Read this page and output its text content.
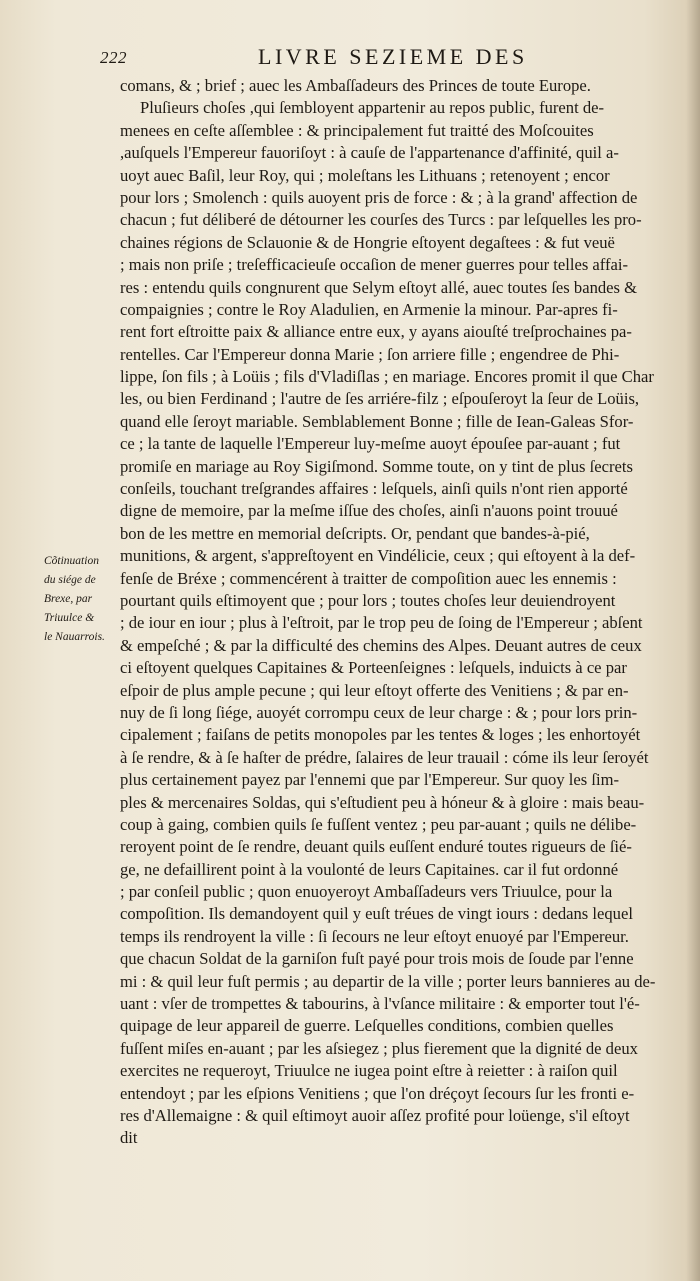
222	LIVRE SEZIEME DES
Cõtinuation
du siége de
Brexe, par
Triuulce &
le Nauarrois.
comans, & ; brief ; auec les Ambaſſadeurs des Princes de toute Europe.
Pluſieurs choſes ,qui ſembloyent appartenir au repos public, furent de-
menees en ceſte aſſemblee : & principalement fut traitté des Moſcouites
,auſquels l'Empereur fauoriſoyt : à cauſe de l'appartenance d'affinité, quil a-
uoyt auec Baſil, leur Roy, qui ; moleſtans les Lithuans ; retenoyent ; encor
pour lors ; Smolench : quils auoyent pris de force : & ; à la grand' affection de
chacun ; fut déliberé de détourner les courſes des Turcs : par leſquelles les pro-
chaines régions de Sclauonie & de Hongrie eſtoyent degaſtees : & fut veuë
; mais non priſe ; treſefficacieuſe occaſion de mener guerres pour telles affai-
res : entendu quils congnurent que Selym eſtoyt allé, auec toutes ſes bandes &
compaignies ; contre le Roy Aladulien, en Armenie la minour. Par-apres fi-
rent fort eſtroitte paix & alliance entre eux, y ayans aiouſté treſprochaines pa-
rentelles. Car l'Empereur donna Marie ; ſon arriere fille ; engendree de Phi-
lippe, ſon fils ; à Loüis ; fils d'Vladiſlas ; en mariage. Encores promit il que Char
les, ou bien Ferdinand ; l'autre de ſes arriére-filz ; eſpouſeroyt la ſeur de Loüis,
quand elle ſeroyt mariable. Semblablement Bonne ; fille de Iean-Galeas Sfor-
ce ; la tante de laquelle l'Empereur luy-meſme auoyt épouſee par-auant ; fut
promiſe en mariage au Roy Sigiſmond. Somme toute, on y tint de plus ſecrets
conſeils, touchant treſgrandes affaires : leſquels, ainſi quils n'ont rien apporté
digne de memoire, par la meſme iſſue des choſes, ainſi n'auons point trouué
bon de les mettre en memorial deſcripts. Or, pendant que bandes-à-pié,
munitions, & argent, s'appreſtoyent en Vindélicie, ceux ; qui eſtoyent à la def-
fenſe de Bréxe ; commencérent à traitter de compoſition auec les ennemis :
pourtant quils eſtimoyent que ; pour lors ; toutes choſes leur deuiendroyent
; de iour en iour ; plus à l'eſtroit, par le trop peu de ſoing de l'Empereur ; abſent
& empeſché ; & par la difficulté des chemins des Alpes. Deuant autres de ceux
ci eſtoyent quelques Capitaines & Porteenſeignes : leſquels, induicts à ce par
eſpoir de plus ample pecune ; qui leur eſtoyt offerte des Venitiens ; & par en-
nuy de ſi long ſiége, auoyét corrompu ceux de leur charge : & ; pour lors prin-
cipalement ; faiſans de petits monopoles par les tentes & loges ; les enhortoyét
à ſe rendre, & à ſe haſter de prédre, ſalaires de leur trauail : cóme ils leur ſeroyét
plus certainement payez par l'ennemi que par l'Empereur. Sur quoy les ſim-
ples & mercenaires Soldas, qui s'eſtudient peu à hóneur & à gloire : mais beau-
coup à gaing, combien quils ſe fuſſent ventez ; peu par-auant ; quils ne délibe-
reroyent point de ſe rendre, deuant quils euſſent enduré toutes rigueurs de ſié-
ge, ne defaillirent point à la voulonté de leurs Capitaines. car il fut ordonné
; par conſeil public ; quon enuoyeroyt Ambaſſadeurs vers Triuulce, pour la
compoſition. Ils demandoyent quil y euſt tréues de vingt iours : dedans lequel
temps ils rendroyent la ville : ſi ſecours ne leur eſtoyt enuoyé par l'Empereur.
que chacun Soldat de la garniſon fuſt payé pour trois mois de ſoude par l'enne
mi : & quil leur fuſt permis ; au departir de la ville ; porter leurs bannieres au de-
uant : vſer de trompettes & tabourins, à l'vſance militaire : & emporter tout l'é-
quipage de leur appareil de guerre. Leſquelles conditions, combien quelles
fuſſent miſes en-auant ; par les aſsiegez ; plus fierement que la dignité de deux
exercites ne requeroyt, Triuulce ne iugea point eſtre à reietter : à raiſon quil
entendoyt ; par les eſpions Venitiens ; que l'on dréçoyt ſecours ſur les fronti e-
res d'Allemaigne : & quil eſtimoyt auoir aſſez profité pour loüenge, s'il eſtoyt
dit
